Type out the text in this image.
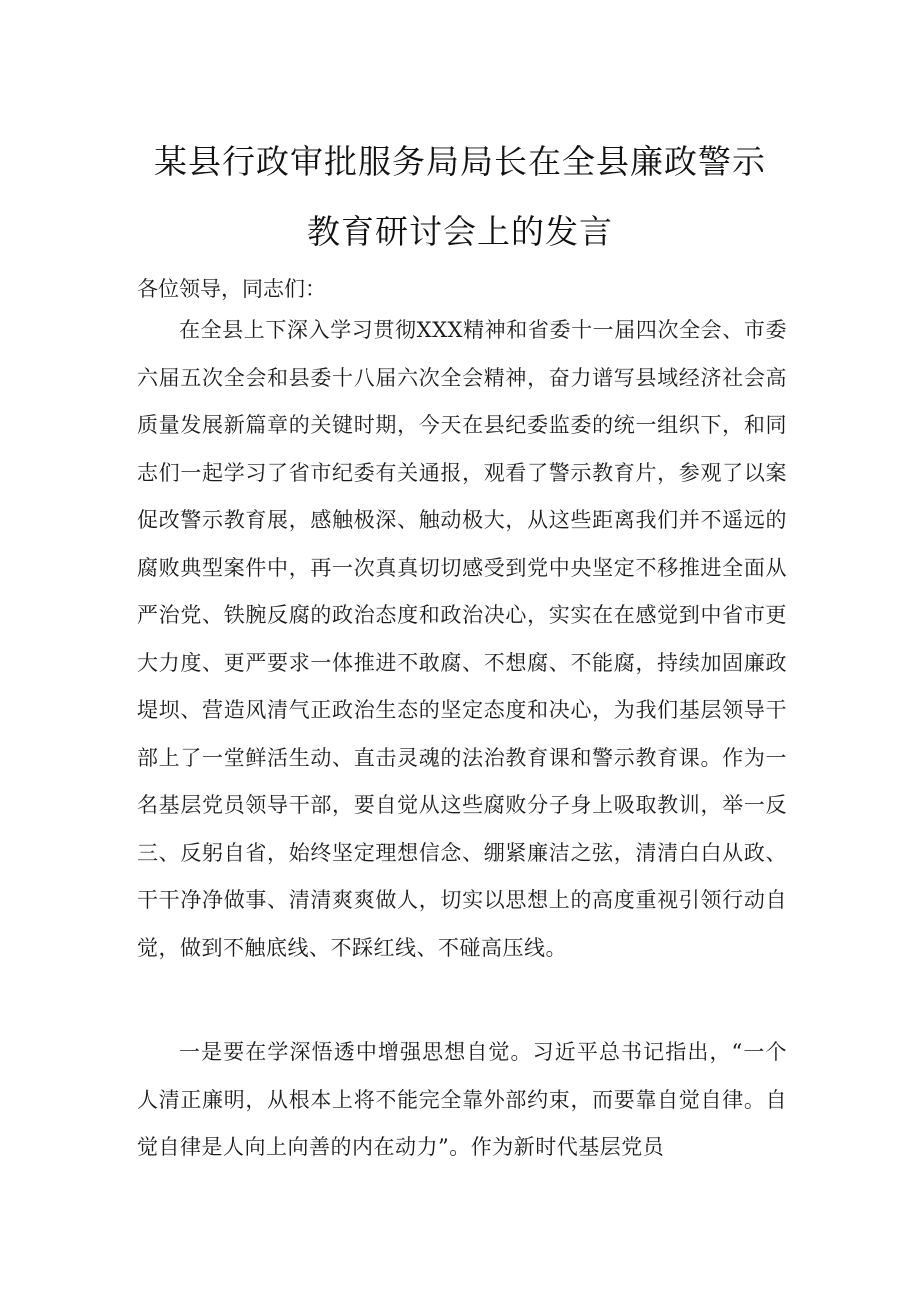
某县行政审批服务局局长在全县廉政警示
教育研讨会上的发言
各位领导，同志们：
在全县上下深入学习贯彻XXX精神和省委十一届四次全会、市委六届五次全会和县委十八届六次全会精神，奋力谱写县域经济社会高质量发展新篇章的关键时期，今天在县纪委监委的统一组织下，和同志们一起学习了省市纪委有关通报，观看了警示教育片，参观了以案促改警示教育展，感触极深、触动极大，从这些距离我们并不遥远的腐败典型案件中，再一次真真切切感受到党中央坚定不移推进全面从严治党、铁腕反腐的政治态度和政治决心，实实在在感觉到中省市更大力度、更严要求一体推进不敢腐、不想腐、不能腐，持续加固廉政堤坝、营造风清气正政治生态的坚定态度和决心，为我们基层领导干部上了一堂鲜活生动、直击灵魂的法治教育课和警示教育课。作为一名基层党员领导干部，要自觉从这些腐败分子身上吸取教训，举一反三、反躬自省，始终坚定理想信念、绷紧廉洁之弦，清清白白从政、干干净净做事、清清爽爽做人，切实以思想上的高度重视引领行动自觉，做到不触底线、不踩红线、不碰高压线。
一是要在学深悟透中增强思想自觉。习近平总书记指出，“一个人清正廉明，从根本上将不能完全靠外部约束，而要靠自觉自律。自觉自律是人向上向善的内在动力”。作为新时代基层党员
